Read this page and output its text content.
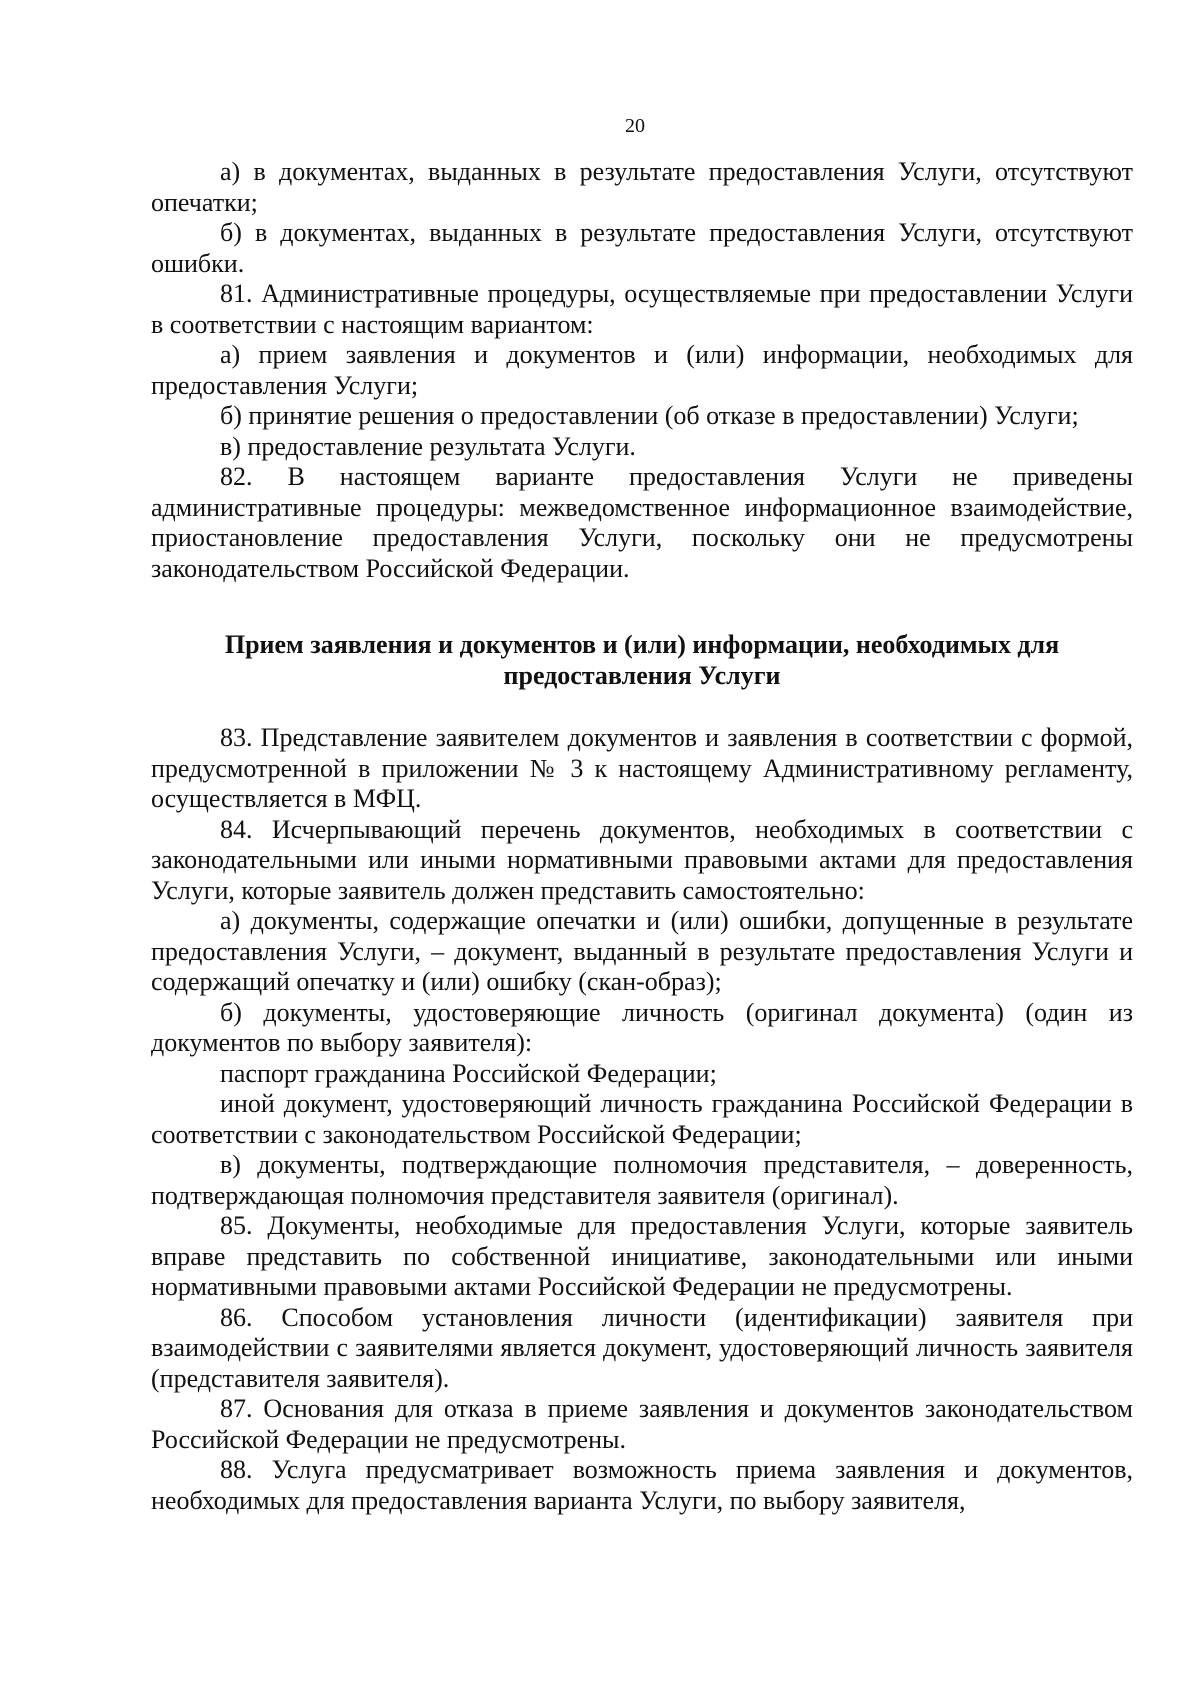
20

а) в документах, выданных в результате предоставления Услуги, отсутствуют опечатки;

б) в документах, выданных в результате предоставления Услуги, отсутствуют ошибки.

81. Административные процедуры, осуществляемые при предоставлении Услуги в соответствии с настоящим вариантом:

а) прием заявления и документов и (или) информации, необходимых для предоставления Услуги;

б) принятие решения о предоставлении (об отказе в предоставлении) Услуги;

в) предоставление результата Услуги.

82. В настоящем варианте предоставления Услуги не приведены административные процедуры: межведомственное информационное взаимодействие, приостановление предоставления Услуги, поскольку они не предусмотрены законодательством Российской Федерации.

Прием заявления и документов и (или) информации, необходимых для предоставления Услуги

83. Представление заявителем документов и заявления в соответствии с формой, предусмотренной в приложении № 3 к настоящему Административному регламенту, осуществляется в МФЦ.

84. Исчерпывающий перечень документов, необходимых в соответствии с законодательными или иными нормативными правовыми актами для предоставления Услуги, которые заявитель должен представить самостоятельно:

а) документы, содержащие опечатки и (или) ошибки, допущенные в результате предоставления Услуги, – документ, выданный в результате предоставления Услуги и содержащий опечатку и (или) ошибку (скан-образ);

б) документы, удостоверяющие личность (оригинал документа) (один из документов по выбору заявителя):

паспорт гражданина Российской Федерации;

иной документ, удостоверяющий личность гражданина Российской Федерации в соответствии с законодательством Российской Федерации;

в) документы, подтверждающие полномочия представителя, – доверенность, подтверждающая полномочия представителя заявителя (оригинал).

85. Документы, необходимые для предоставления Услуги, которые заявитель вправе представить по собственной инициативе, законодательными или иными нормативными правовыми актами Российской Федерации не предусмотрены.

86. Способом установления личности (идентификации) заявителя при взаимодействии с заявителями является документ, удостоверяющий личность заявителя (представителя заявителя).

87. Основания для отказа в приеме заявления и документов законодательством Российской Федерации не предусмотрены.

88. Услуга предусматривает возможность приема заявления и документов, необходимых для предоставления варианта Услуги, по выбору заявителя,
